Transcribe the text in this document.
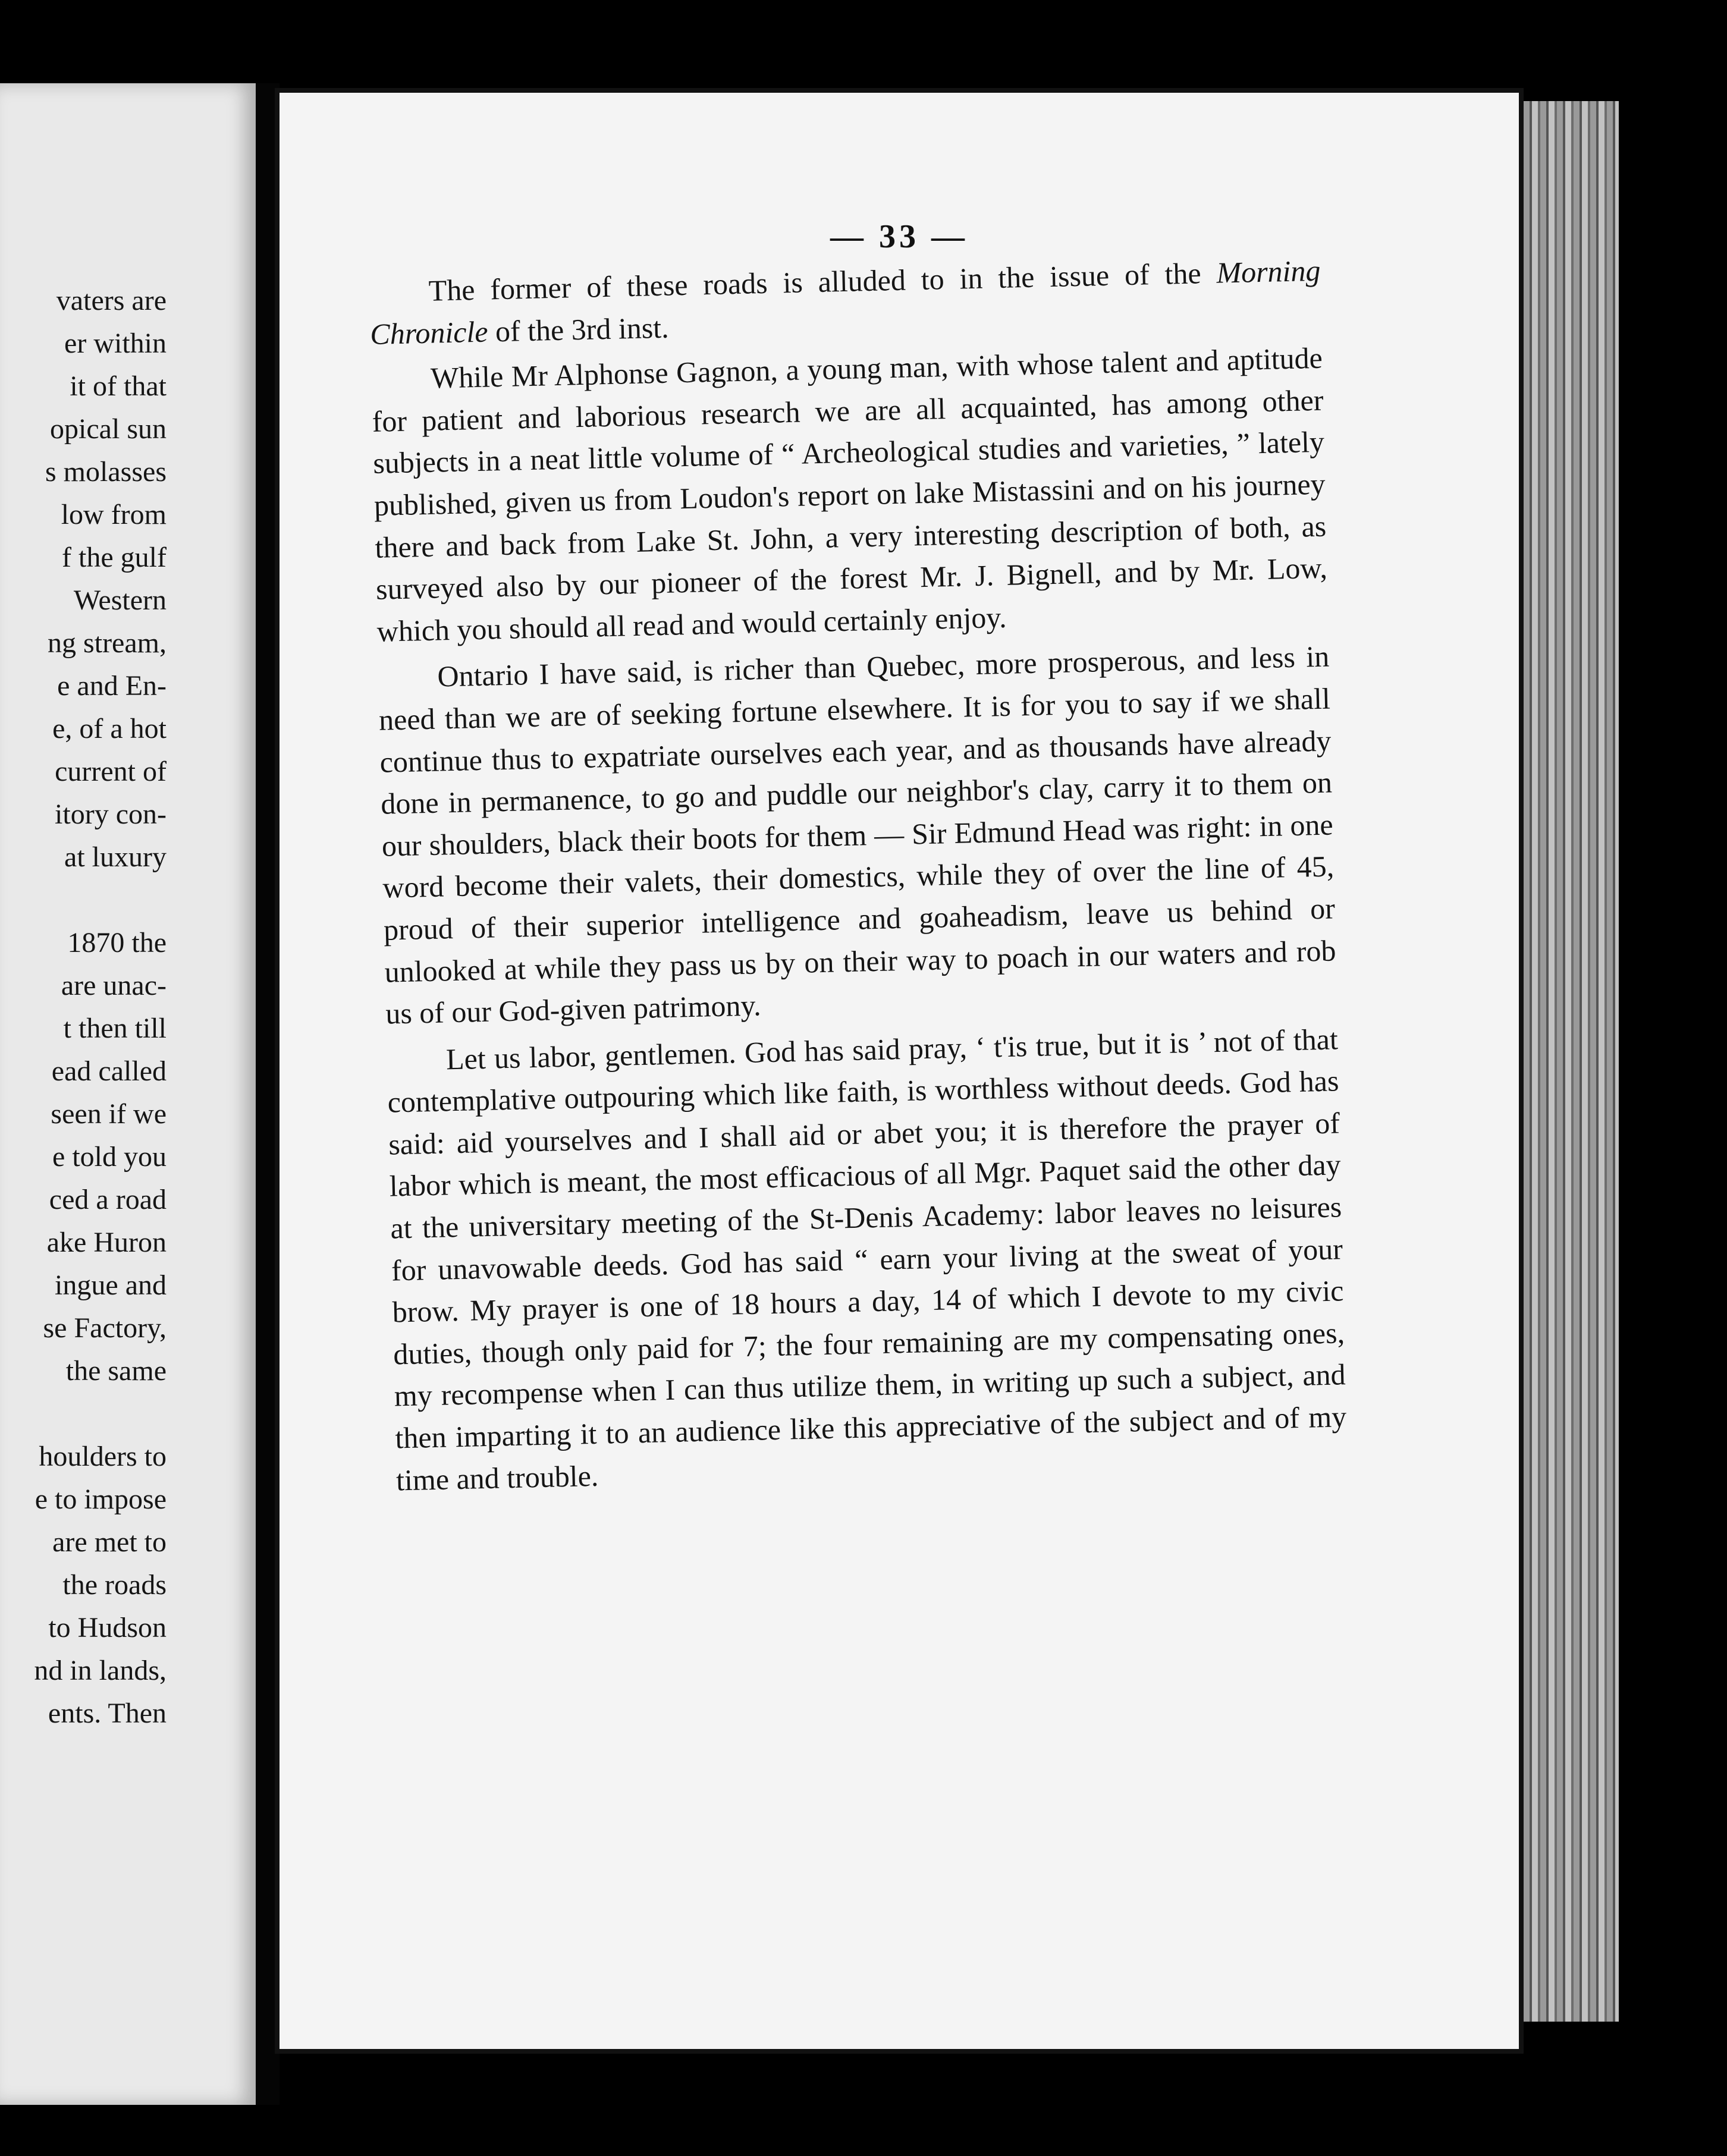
vaters are
er within
it of that
opical sun
s molasses
low from
f the gulf
Western
ng stream,
e and En-
e, of a hot
current of
itory con-
at luxury
1870 the
are unac-
t then till
ead called
seen if we
e told you
ced a road
ake Huron
ingue and
se Factory,
the same
houlders to
e to impose
are met to
the roads
to Hudson
nd in lands,
ents. Then
— 33 —

The former of these roads is alluded to in the issue of the Morning Chronicle of the 3rd inst.

While Mr Alphonse Gagnon, a young man, with whose talent and aptitude for patient and laborious research we are all acquainted, has among other subjects in a neat little volume of “ Archeological studies and varieties, ” lately published, given us from Loudon's report on lake Mistassini and on his journey there and back from Lake St. John, a very interesting description of both, as surveyed also by our pioneer of the forest Mr. J. Bignell, and by Mr. Low, which you should all read and would certainly enjoy.

Ontario I have said, is richer than Quebec, more prosperous, and less in need than we are of seeking fortune elsewhere. It is for you to say if we shall continue thus to expatriate ourselves each year, and as thousands have already done in permanence, to go and puddle our neighbor's clay, carry it to them on our shoulders, black their boots for them — Sir Edmund Head was right: in one word become their valets, their domestics, while they of over the line of 45, proud of their superior intelligence and goaheadism, leave us behind or unlooked at while they pass us by on their way to poach in our waters and rob us of our God-given patrimony.

Let us labor, gentlemen. God has said pray, ‘ t'is true, but it is ’ not of that contemplative outpouring which like faith, is worthless without deeds. God has said: aid yourselves and I shall aid or abet you; it is therefore the prayer of labor which is meant, the most efficacious of all Mgr. Paquet said the other day at the universitary meeting of the St-Denis Academy: labor leaves no leisures for unavowable deeds. God has said “ earn your living at the sweat of your brow. My prayer is one of 18 hours a day, 14 of which I devote to my civic duties, though only paid for 7; the four remaining are my compensating ones, my recompense when I can thus utilize them, in writing up such a subject, and then imparting it to an audience like this appreciative of the subject and of my time and trouble.
